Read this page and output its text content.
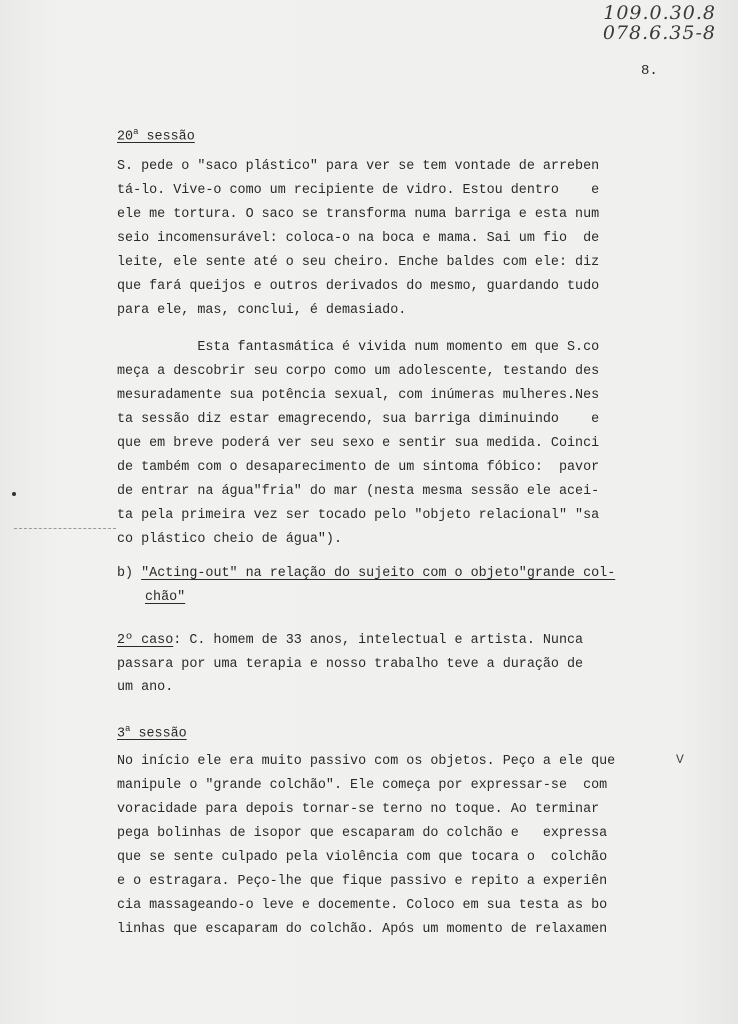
109.0.30.8
078.6.35-8
8.
20$^a$ sessão
S. pede o "saco plástico" para ver se tem vontade de arreben
tá-lo. Vive-o como um recipiente de vidro. Estou dentro    e
ele me tortura. O saco se transforma numa barriga e esta num
seio incomensurável: coloca-o na boca e mama. Sai um fio  de
leite, ele sente até o seu cheiro. Enche baldes com ele: diz
que fará queijos e outros derivados do mesmo, guardando tudo
para ele, mas, conclui, é demasiado.
Esta fantasmática é vivida num momento em que S.co
meça a descobrir seu corpo como um adolescente, testando des
mesuradamente sua potência sexual, com inúmeras mulheres.Nes
ta sessão diz estar emagrecendo, sua barriga diminuindo    e
que em breve poderá ver seu sexo e sentir sua medida. Coinci
de também com o desaparecimento de um sintoma fóbico:  pavor
de entrar na água"fria" do mar (nesta mesma sessão ele acei-
ta pela primeira vez ser tocado pelo "objeto relacional" "sa
co plástico cheio de água").
b) "Acting-out" na relação do sujeito com o objeto"grande col-
chão"
2º caso: C. homem de 33 anos, intelectual e artista. Nunca
passara por uma terapia e nosso trabalho teve a duração de
um ano.
3$^a$ sessão
No início ele era muito passivo com os objetos. Peço a ele que
manipule o "grande colchão". Ele começa por expressar-se  com
voracidade para depois tornar-se terno no toque. Ao terminar
pega bolinhas de isopor que escaparam do colchão e   expressa
que se sente culpado pela violência com que tocara o  colchão
e o estragara. Peço-lhe que fique passivo e repito a experiên
cia massageando-o leve e docemente. Coloco em sua testa as bo
linhas que escaparam do colchão. Após um momento de relaxamen
V
